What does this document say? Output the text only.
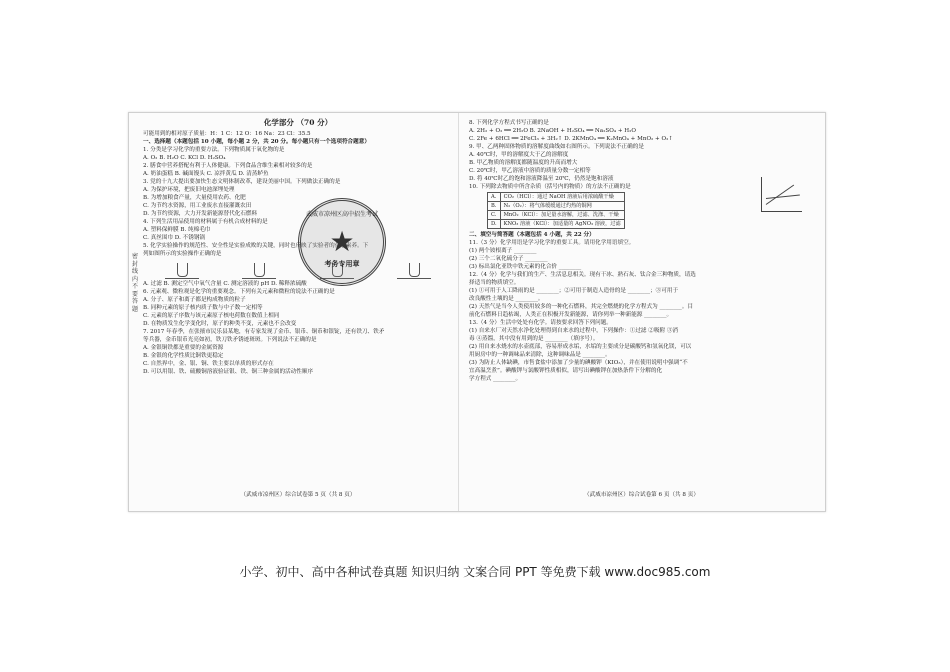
密封线内不要答题
化学部分 （70 分）
可能用到的相对原子质量：H：1 C：12 O：16 Na：23 Cl：35.5
一、选择题（本题包括 10 小题，每小题 2 分，共 20 分。每小题只有一个选项符合题意）
1. 分类是学习化学的重要方法。下列物质属于氧化物的是
A. O₂ B. H₂O C. KCl D. H₂SO₄
2. 膳食中营养搭配有利于人体健康。下列食品含维生素相对较多的是
A. 奶油蛋糕 B. 碱面馒头 C. 凉拌黄瓜 D. 清蒸鲈鱼
3. 党的十九大提出要加快生态文明体制改革，建设美丽中国。下列做法正确的是
A. 为保护环境，把废旧电池深埋处理
B. 为增加粮食产量，大量使用农药、化肥
C. 为节约水资源，用工业废水直接灌溉农田
D. 为节约资源，大力开发新能源替代化石燃料
4. 下列生活用品使用的材料属于有机合成材料的是
A. 塑料保鲜膜 B. 纯棉毛巾
C. 真丝围巾 D. 不锈钢锅
5. 化学实验操作的规范性、安全性是实验成败的关键，同时也反映了实验者的化学素养。下
列如图所示的实验操作正确的是
A. 过滤 B. 测定空气中氧气含量 C. 测定溶液的 pH D. 稀释浓硫酸
6. 元素观、微粒观是化学的重要观念。下列有关元素和微粒的说法不正确的是
A. 分子、原子和离子都是构成物质的粒子
B. 同种元素的原子核内质子数与中子数一定相等
C. 元素的原子序数与该元素原子核电荷数在数值上相同
D. 在物质发生化学变化时，原子的种类不变，元素也不会改变
7. 2017 年春季，在张掖市民乐县某地，有专家发现了金币、银币、铜币和银锭，还有铁刀、铁矛
等兵器，金币银币光亮如初，铁刀铁矛锈迹斑斑。下列说法不正确的是
A. 金银铜铁都是重要的金属资源
B. 金银的化学性质比铜铁更稳定
C. 自然界中，金、银、铜、铁主要以单质的形式存在
D. 可以用银、铁、硫酸铜溶液验证银、铁、铜三种金属的活动性顺序
（武威市凉州区）综合试卷第 5 页（共 8 页）
8. 下列化学方程式书写正确的是
A. 2H₂ + O₂ ══ 2H₂O B. 2NaOH + H₂SO₄ ══ Na₂SO₄ + H₂O
C. 2Fe + 6HCl ══ 2FeCl₃ + 3H₂↑ D. 2KMnO₄ ══ K₂MnO₄ + MnO₂ + O₂↑
9. 甲、乙两种固体物质的溶解度曲线如右图所示。下列说法不正确的是
A. 40℃时，甲的溶解度大于乙的溶解度
B. 甲乙物质的溶解度都随温度的升高而增大
C. 20℃时，甲乙溶液中溶质的质量分数一定相等
D. 将 40℃时乙的饱和溶液降温至 20℃，仍然是饱和溶液
10. 下列除去物质中所含杂质（括号内的物质）的方法不正确的是
A.	CO₂（HCl）：通过 NaOH 溶液后用浓硫酸干燥
B.	N₂（O₂）：将气体缓缓通过灼热的铜网
C.	MnO₂（KCl）：加足量水溶解，过滤、洗涤、干燥
D.	KNO₃ 溶液（KCl）：加适量的 AgNO₃ 溶液，过滤
二、填空与简答题（本题包括 4 小题，共 22 分）
11.（3 分）化学用语是学习化学的重要工具。请用化学用语填空。
(1) 两个铵根离子 ________
(2) 三个二氧化硫分子 ________
(3) 标出氯化亚铁中铁元素的化合价 ________
12.（4 分）化学与我们的生产、生活息息相关。现有干冰、熟石灰、钛合金三种物质，请选
择适当的物质填空。
(1) ①可用于人工降雨的是 ________；②可用于制造人造骨的是 ________；③可用于
改良酸性土壤的是 ________。
(2) 天然气是当今人类使用较多的一种化石燃料，其完全燃烧的化学方程式为 ________。目
前化石燃料日趋枯竭，人类正在积极开发新能源，请你列举一种新能源 ________。
13.（4 分）生活中处处有化学。请按要求回答下列问题。
(1) 自来水厂对天然水净化处理得到自来水的过程中，下列操作：①过滤 ②吸附 ③消
毒 ④蒸馏，其中没有用到的是 ________（填序号）。
(2) 用自来水烧水的水壶底部，容易形成水垢，水垢的主要成分是碳酸钙和氢氧化镁，可以
用厨房中的一种调味品来清除，这种调味品是 ________。
(3) 为防止人体缺碘，市售食盐中添加了少量的碘酸钾（KIO₃），并在使用说明中强调“不
宜高温烹煮”。碘酸钾与氯酸钾性质相似，请写出碘酸钾在加热条件下分解的化
学方程式 ________。
（武威市凉州区）综合试卷第 6 页（共 8 页）
武威市凉州区高中招生考试
★
考务专用章
小学、初中、高中各种试卷真题 知识归纳 文案合同 PPT 等免费下载 www.doc985.com
